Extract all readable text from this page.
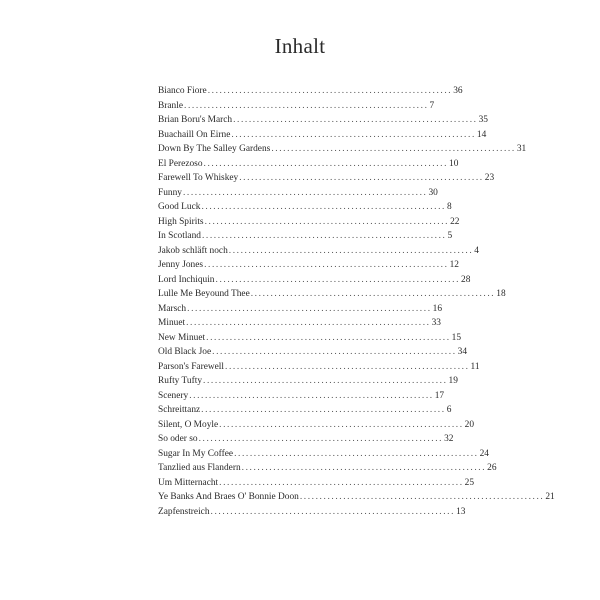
Inhalt
Bianco Fiore .............................................................. 36
Branle .............................................................. 7
Brian Boru's March .............................................................. 35
Buachaill On Eirne .............................................................. 14
Down By The Salley Gardens .............................................................. 31
El Perezoso .............................................................. 10
Farewell To Whiskey .............................................................. 23
Funny .............................................................. 30
Good Luck .............................................................. 8
High Spirits .............................................................. 22
In Scotland .............................................................. 5
Jakob schläft noch .............................................................. 4
Jenny Jones .............................................................. 12
Lord Inchiquin .............................................................. 28
Lulle Me Beyound Thee .............................................................. 18
Marsch .............................................................. 16
Minuet .............................................................. 33
New Minuet .............................................................. 15
Old Black Joe .............................................................. 34
Parson's Farewell .............................................................. 11
Rufty Tufty .............................................................. 19
Scenery .............................................................. 17
Schreittanz .............................................................. 6
Silent, O Moyle .............................................................. 20
So oder so .............................................................. 32
Sugar In My Coffee .............................................................. 24
Tanzlied aus Flandern .............................................................. 26
Um Mitternacht .............................................................. 25
Ye Banks And Braes O' Bonnie Doon .............................................................. 21
Zapfenstreich .............................................................. 13
